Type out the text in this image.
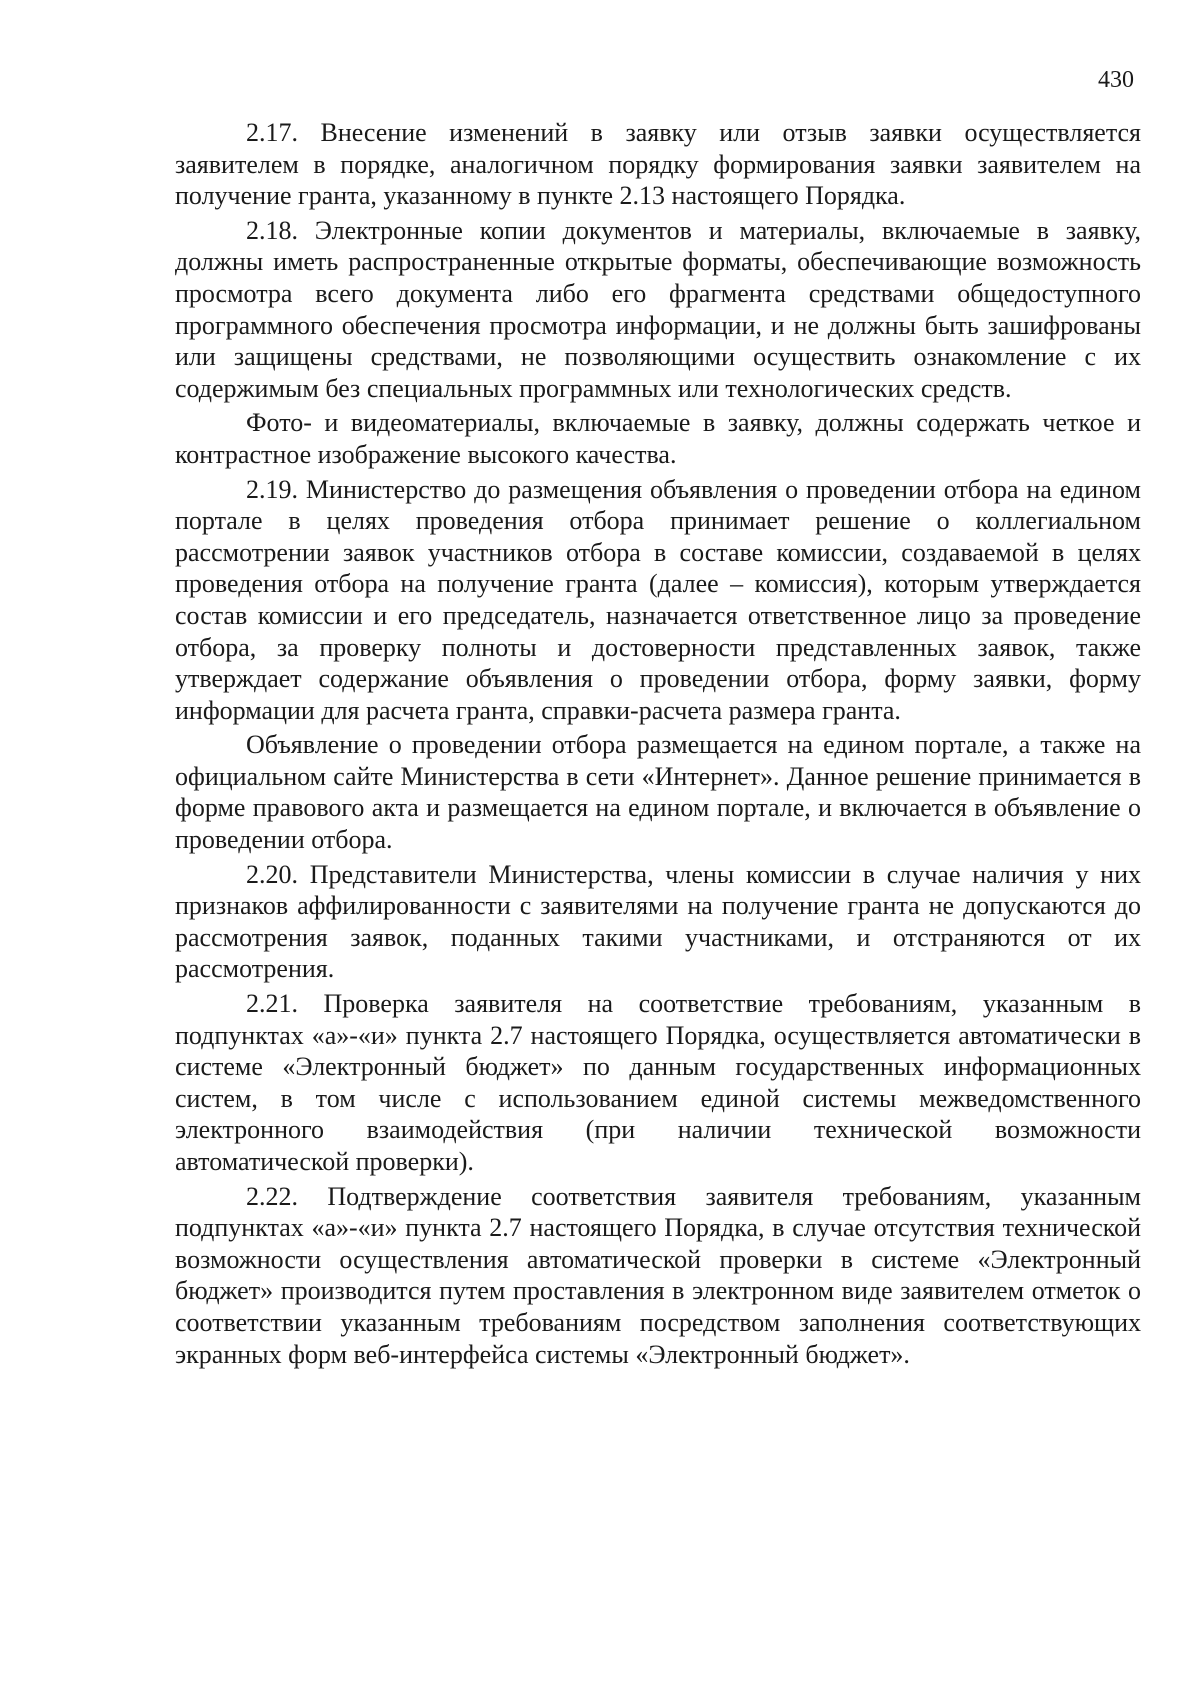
430

2.17. Внесение изменений в заявку или отзыв заявки осуществляется заявителем в порядке, аналогичном порядку формирования заявки заявителем на получение гранта, указанному в пункте 2.13 настоящего Порядка.

2.18. Электронные копии документов и материалы, включаемые в заявку, должны иметь распространенные открытые форматы, обеспечивающие возможность просмотра всего документа либо его фрагмента средствами общедоступного программного обеспечения просмотра информации, и не должны быть зашифрованы или защищены средствами, не позволяющими осуществить ознакомление с их содержимым без специальных программных или технологических средств.

Фото- и видеоматериалы, включаемые в заявку, должны содержать четкое и контрастное изображение высокого качества.

2.19. Министерство до размещения объявления о проведении отбора на едином портале в целях проведения отбора принимает решение о коллегиальном рассмотрении заявок участников отбора в составе комиссии, создаваемой в целях проведения отбора на получение гранта (далее – комиссия), которым утверждается состав комиссии и его председатель, назначается ответственное лицо за проведение отбора, за проверку полноты и достоверности представленных заявок, также утверждает содержание объявления о проведении отбора, форму заявки, форму информации для расчета гранта, справки-расчета размера гранта.

Объявление о проведении отбора размещается на едином портале, а также на официальном сайте Министерства в сети «Интернет». Данное решение принимается в форме правового акта и размещается на едином портале, и включается в объявление о проведении отбора.

2.20. Представители Министерства, члены комиссии в случае наличия у них признаков аффилированности с заявителями на получение гранта не допускаются до рассмотрения заявок, поданных такими участниками, и отстраняются от их рассмотрения.

2.21. Проверка заявителя на соответствие требованиям, указанным в подпунктах «а»-«и» пункта 2.7 настоящего Порядка, осуществляется автоматически в системе «Электронный бюджет» по данным государственных информационных систем, в том числе с использованием единой системы межведомственного электронного взаимодействия (при наличии технической возможности автоматической проверки).

2.22. Подтверждение соответствия заявителя требованиям, указанным подпунктах «а»-«и» пункта 2.7 настоящего Порядка, в случае отсутствия технической возможности осуществления автоматической проверки в системе «Электронный бюджет» производится путем проставления в электронном виде заявителем отметок о соответствии указанным требованиям посредством заполнения соответствующих экранных форм веб-интерфейса системы «Электронный бюджет».
